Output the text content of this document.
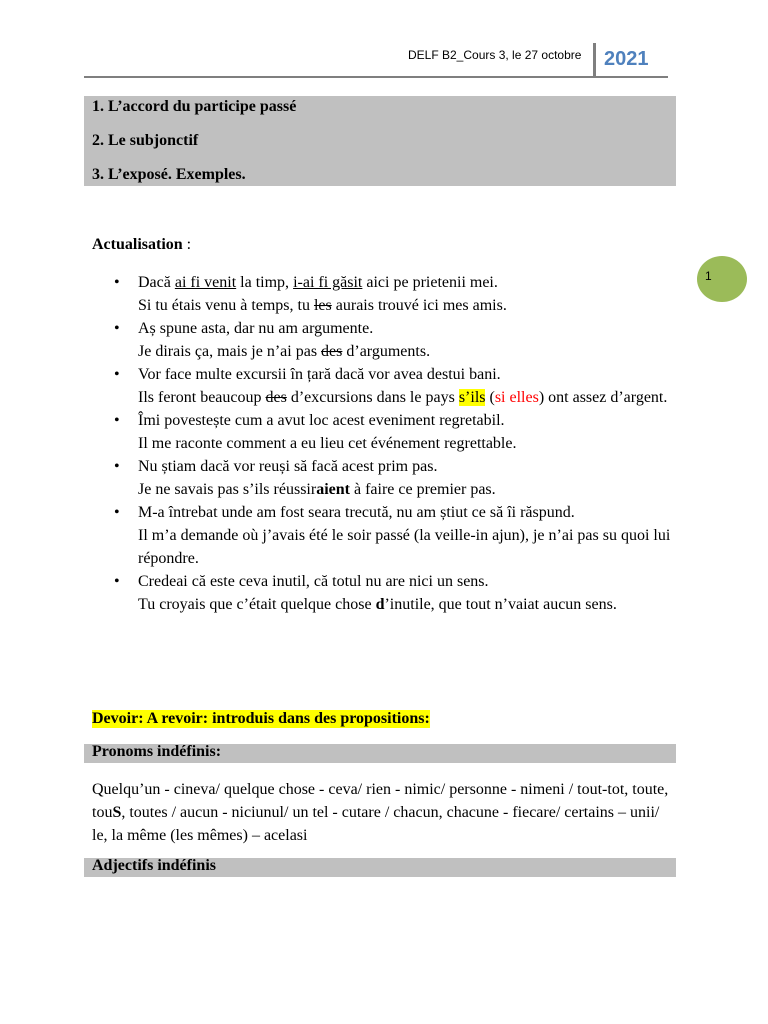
DELF B2_Cours 3, le 27 octobre 2021
1. L’accord du participe passé
2. Le subjonctif
3. L’exposé. Exemples.
1
Actualisation :
• Dacă ai fi venit la timp, i-ai fi găsit aici pe prietenii mei.
Si tu étais venu à temps, tu les aurais trouvé ici mes amis.
• Aș spune asta, dar nu am argumente.
Je dirais ça, mais je n’ai pas des d’arguments.
• Vor face multe excursii în țară dacă vor avea destui bani.
Ils feront beaucoup des d’excursions dans le pays s’ils (si elles) ont assez d’argent.
• Îmi povestește cum a avut loc acest eveniment regretabil.
Il me raconte comment a eu lieu cet événement regrettable.
• Nu știam dacă vor reuși să facă acest prim pas.
Je ne savais pas s’ils réussiraient à faire ce premier pas.
• M-a întrebat unde am fost seara trecută, nu am știut ce să îi răspund.
Il m’a demande où j’avais été le soir passé (la veille-in ajun), je n’ai pas su quoi lui répondre.
• Credeai că este ceva inutil, că totul nu are nici un sens.
Tu croyais que c’était quelque chose d’inutile, que tout n’vaiat aucun sens.
Devoir: A revoir: introduis dans des propositions:
Pronoms indéfinis:
Quelqu’un - cineva/ quelque chose - ceva/ rien - nimic/ personne - nimeni / tout-tot, toute, touS, toutes / aucun - niciunul/ un tel - cutare / chacun, chacune - fiecare/ certains – unii/ le, la même (les mêmes) – acelasi
Adjectifs indéfinis
